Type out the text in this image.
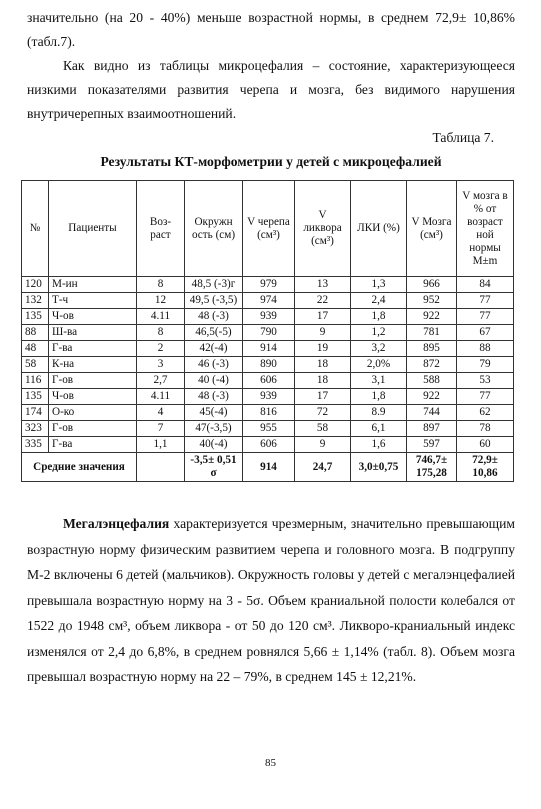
значительно (на 20 - 40%) меньше возрастной нормы, в среднем 72,9± 10,86% (табл.7).

Как видно из таблицы микроцефалия – состояние, характеризующееся низкими показателями развития черепа и мозга, без видимого нарушения внутричерепных взаимоотношений.

Таблица 7.

Результаты КТ-морфометрии у детей с микроцефалией

№	Пациенты	Воз-раст	Окружн ость (см)	V черепа (см³)	V ликвора (см³)	ЛКИ (%)	V Мозга (см³)	V мозга в % от возраст ной нормы M±m
120	М-ин	8	48,5 (-3)г	979	13	1,3	966	84
132	Т-ч	12	49,5 (-3,5)	974	22	2,4	952	77
135	Ч-ов	4.11	48 (-3)	939	17	1,8	922	77
88	Ш-ва	8	46,5(-5)	790	9	1,2	781	67
48	Г-ва	2	42(-4)	914	19	3,2	895	88
58	К-на	3	46 (-3)	890	18	2,0%	872	79
116	Г-ов	2,7	40 (-4)	606	18	3,1	588	53
135	Ч-ов	4.11	48 (-3)	939	17	1,8	922	77
174	О-ко	4	45(-4)	816	72	8.9	744	62
323	Г-ов	7	47(-3,5)	955	58	6,1	897	78
335	Г-ва	1,1	40(-4)	606	9	1,6	597	60
Средние значения			-3,5± 0,51 σ	914	24,7	3,0±0,75	746,7± 175,28	72,9± 10,86

Мегалэнцефалия характеризуется чрезмерным, значительно превышающим возрастную норму физическим развитием черепа и головного мозга. В подгруппу М-2 включены 6 детей (мальчиков). Окружность головы у детей с мегалэнцефалией превышала возрастную норму на 3 - 5σ. Объем краниальной полости колебался от 1522 до 1948 см³, объем ликвора - от 50 до 120 см³. Ликворо-краниальный индекс изменялся от 2,4 до 6,8%, в среднем ровнялся 5,66 ± 1,14% (табл. 8). Объем мозга превышал возрастную норму на 22 – 79%, в среднем 145 ± 12,21%.

85
